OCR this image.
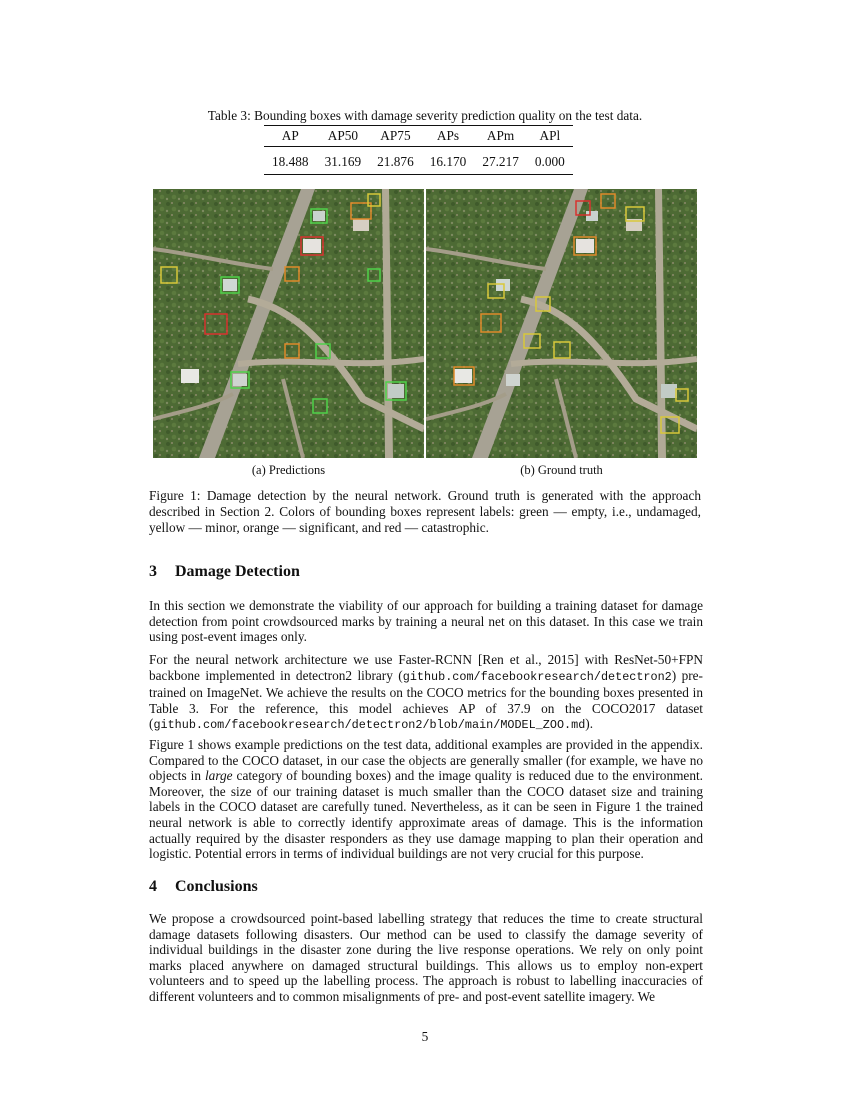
Table 3: Bounding boxes with damage severity prediction quality on the test data.
AP	AP50	AP75	APs	APm	APl
18.488	31.169	21.876	16.170	27.217	0.000
(a) Predictions	(b) Ground truth
Figure 1: Damage detection by the neural network. Ground truth is generated with the approach described in Section 2. Colors of bounding boxes represent labels: green — empty, i.e., undamaged, yellow — minor, orange — significant, and red — catastrophic.
3 Damage Detection

In this section we demonstrate the viability of our approach for building a training dataset for damage detection from point crowdsourced marks by training a neural net on this dataset. In this case we train using post-event images only.

For the neural network architecture we use Faster-RCNN [Ren et al., 2015] with ResNet-50+FPN backbone implemented in detectron2 library (github.com/facebookresearch/detectron2) pre-trained on ImageNet. We achieve the results on the COCO metrics for the bounding boxes presented in Table 3. For the reference, this model achieves AP of 37.9 on the COCO2017 dataset (github.com/facebookresearch/detectron2/blob/main/MODEL_ZOO.md).

Figure 1 shows example predictions on the test data, additional examples are provided in the appendix. Compared to the COCO dataset, in our case the objects are generally smaller (for example, we have no objects in large category of bounding boxes) and the image quality is reduced due to the environment. Moreover, the size of our training dataset is much smaller than the COCO dataset size and training labels in the COCO dataset are carefully tuned. Nevertheless, as it can be seen in Figure 1 the trained neural network is able to correctly identify approximate areas of damage. This is the information actually required by the disaster responders as they use damage mapping to plan their operation and logistic. Potential errors in terms of individual buildings are not very crucial for this purpose.

4 Conclusions

We propose a crowdsourced point-based labelling strategy that reduces the time to create structural damage datasets following disasters. Our method can be used to classify the damage severity of individual buildings in the disaster zone during the live response operations. We rely on only point marks placed anywhere on damaged structural buildings. This allows us to employ non-expert volunteers and to speed up the labelling process. The approach is robust to labelling inaccuracies of different volunteers and to common misalignments of pre- and post-event satellite imagery. We

5
